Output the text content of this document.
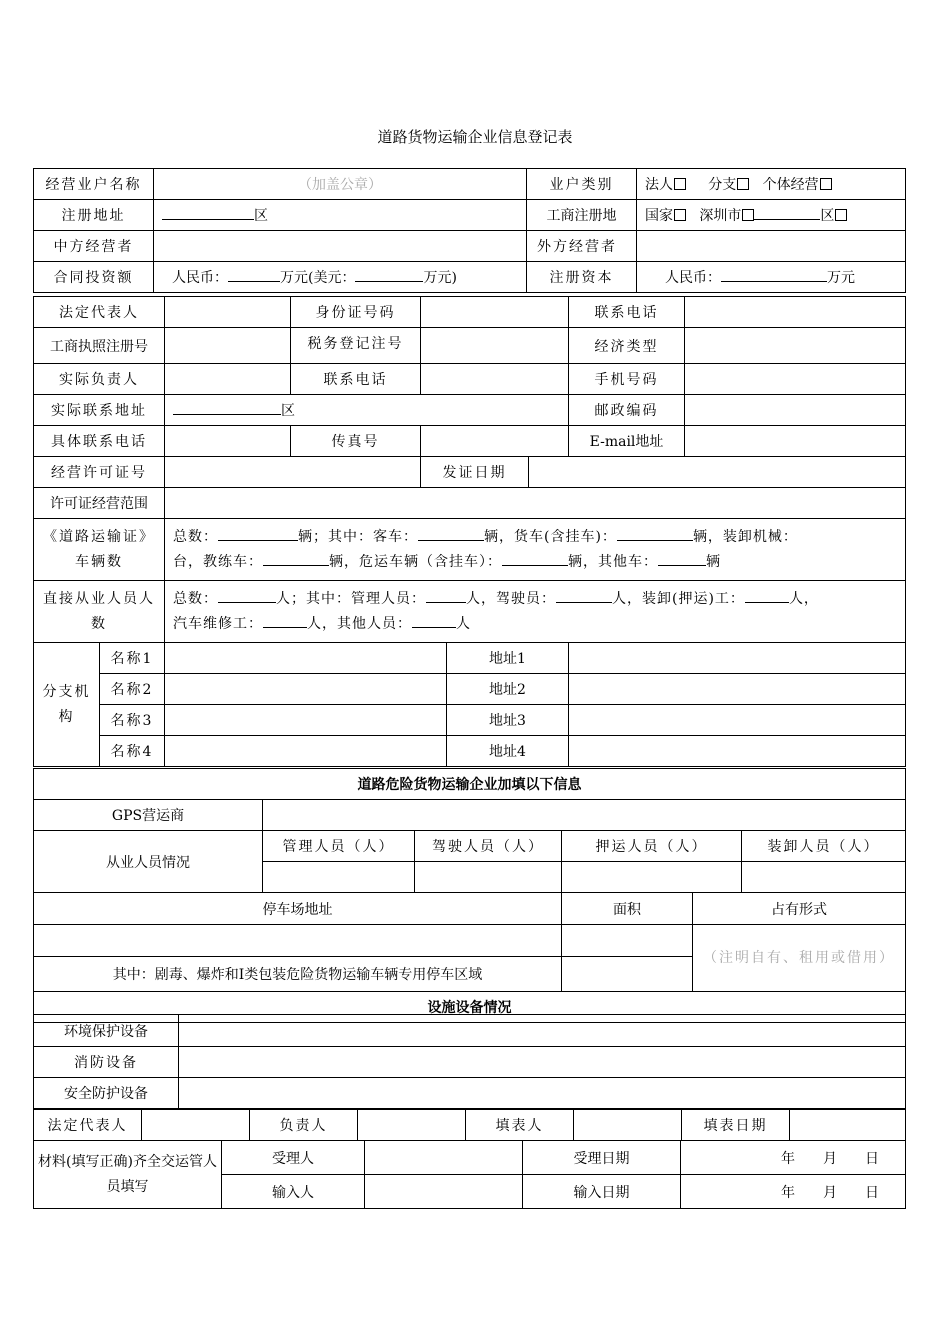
道路货物运输企业信息登记表
经营业户名称	（加盖公章）	业户类别	法人 分支 个体经营
注册地址	区	工商注册地	国家 深圳市 区
中方经营者		外方经营者	
合同投资额	人民币： 万元(美元： 万元)	注册资本	人民币： 万元
法定代表人			身份证号码				联系电话	
工商执照注册号			税务登记注号				经济类型	
实际负责人			联系电话				手机号码	
实际联系地址		区					邮政编码	
具体联系电话			传真号				E-mail地址	
经营许可证号				发证日期				
许可证经营范围								
《道路运输证》车辆数		总数： 辆；其中：客车： 辆，货车(含挂车)： 辆，装卸机械：
台，教练车： 辆，危运车辆（含挂车）： 辆，其他车： 辆						
直接从业人员人数		总数： 人；其中：管理人员： 人，驾驶员： 人，装卸(押运)工： 人，
汽车维修工： 人，其他人员： 人						
分支机构	名称1				地址1			
	名称2				地址2			
	名称3				地址3			
	名称4				地址4			
道路危险货物运输企业加填以下信息					
GPS营运商					
从业人员情况	管理人员（人）	驾驶人员（人）	押运人员（人）		装卸人员（人）

停车场地址			面积	占有形式	
				（注明自有、租用或借用）	
其中：剧毒、爆炸和Ⅰ类包装危险货物运输车辆专用停车区域					
设施设备情况					
环境保护设备	
消防设备	
安全防护设备	
法定代表人		负责人		填表人		填表日期	
材料(填写正确)齐全交运管人员填写	受理人		受理日期	年　　月　　日
	输入人		输入日期	年　　月　　日
